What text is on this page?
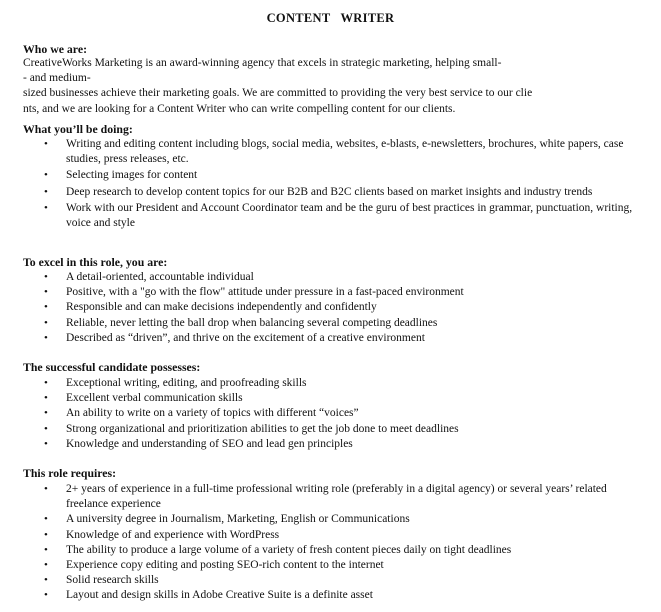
CONTENT WRITER
Who we are:
CreativeWorks Marketing is an award-winning agency that excels in strategic marketing, helping small-
- and medium-
sized businesses achieve their marketing goals. We are committed to providing the very best service to our clie
nts, and we are looking for a Content Writer who can write compelling content for our clients.
What you’ll be doing:
• Writing and editing content including blogs, social media, websites, e-blasts, e-newsletters, brochures, white papers, case studies, press releases, etc.
• Selecting images for content
• Deep research to develop content topics for our B2B and B2C clients based on market insights and industry trends
• Work with our President and Account Coordinator team and be the guru of best practices in grammar, punctuation, writing, voice and style
To excel in this role, you are:
• A detail-oriented, accountable individual
• Positive, with a "go with the flow" attitude under pressure in a fast-paced environment
• Responsible and can make decisions independently and confidently
• Reliable, never letting the ball drop when balancing several competing deadlines
• Described as “driven”, and thrive on the excitement of a creative environment
The successful candidate possesses:
• Exceptional writing, editing, and proofreading skills
• Excellent verbal communication skills
• An ability to write on a variety of topics with different “voices”
• Strong organizational and prioritization abilities to get the job done to meet deadlines
• Knowledge and understanding of SEO and lead gen principles
This role requires:
• 2+ years of experience in a full-time professional writing role (preferably in a digital agency) or several years’ related freelance experience
• A university degree in Journalism, Marketing, English or Communications
• Knowledge of and experience with WordPress
• The ability to produce a large volume of a variety of fresh content pieces daily on tight deadlines
• Experience copy editing and posting SEO-rich content to the internet
• Solid research skills
• Layout and design skills in Adobe Creative Suite is a definite asset
